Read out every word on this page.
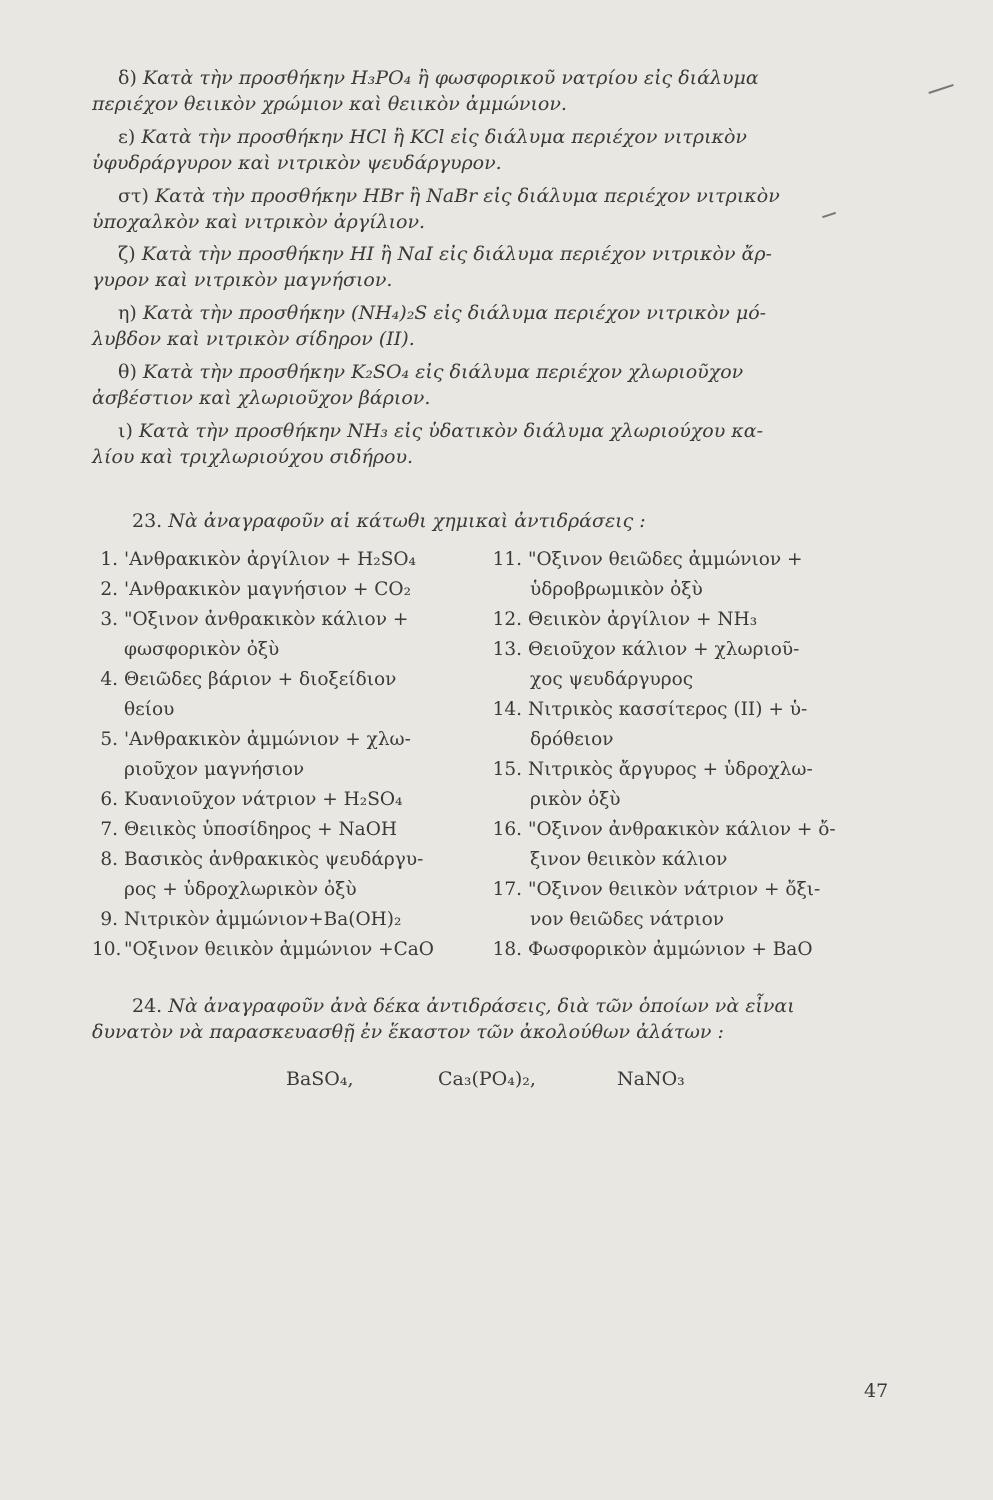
δ) Κατὰ τὴν προσθήκην H₃PO₄ ἢ φωσφορικοῦ νατρίου εἰς διάλυμα
περιέχον θειικὸν χρώμιον καὶ θειικὸν ἀμμώνιον.
ε) Κατὰ τὴν προσθήκην HCl ἢ KCl εἰς διάλυμα περιέχον νιτρικὸν
ὑφυδράργυρον καὶ νιτρικὸν ψευδάργυρον.
στ) Κατὰ τὴν προσθήκην HBr ἢ NaBr εἰς διάλυμα περιέχον νιτρικὸν
ὑποχαλκὸν καὶ νιτρικὸν ἀργίλιον.
ζ) Κατὰ τὴν προσθήκην HI ἢ NaI εἰς διάλυμα περιέχον νιτρικὸν ἄρ-
γυρον καὶ νιτρικὸν μαγνήσιον.
η) Κατὰ τὴν προσθήκην (NH₄)₂S εἰς διάλυμα περιέχον νιτρικὸν μό-
λυβδον καὶ νιτρικὸν σίδηρον (II).
θ) Κατὰ τὴν προσθήκην K₂SO₄ εἰς διάλυμα περιέχον χλωριοῦχον
ἀσβέστιον καὶ χλωριοῦχον βάριον.
ι) Κατὰ τὴν προσθήκην NH₃ εἰς ὑδατικὸν διάλυμα χλωριούχου κα-
λίου καὶ τριχλωριούχου σιδήρου.
23. Νὰ ἀναγραφοῦν αἱ κάτωθι χημικαὶ ἀντιδράσεις :
1. 'Ανθρακικὸν ἀργίλιον + H₂SO₄
2. 'Ανθρακικὸν μαγνήσιον + CO₂
3. "Οξινον ἀνθρακικὸν κάλιον +
φωσφορικὸν ὀξὺ
4. Θειῶδες βάριον + διοξείδιον
θείου
5. 'Ανθρακικὸν ἀμμώνιον + χλω-
ριοῦχον μαγνήσιον
6. Κυανιοῦχον νάτριον + H₂SO₄
7. Θειικὸς ὑποσίδηρος + NaOH
8. Βασικὸς ἀνθρακικὸς ψευδάργυ-
ρος + ὑδροχλωρικὸν ὀξὺ
9. Νιτρικὸν ἀμμώνιον+Ba(OH)₂
10. "Οξινον θειικὸν ἀμμώνιον +CaO
11. "Οξινον θειῶδες ἀμμώνιον +
ὑδροβρωμικὸν ὀξὺ
12. Θειικὸν ἀργίλιον + NH₃
13. Θειοῦχον κάλιον + χλωριοῦ-
χος ψευδάργυρος
14. Νιτρικὸς κασσίτερος (II) + ὑ-
δρόθειον
15. Νιτρικὸς ἄργυρος + ὑδροχλω-
ρικὸν ὀξὺ
16. "Οξινον ἀνθρακικὸν κάλιον + ὄ-
ξινον θειικὸν κάλιον
17. "Οξινον θειικὸν νάτριον + ὄξι-
νον θειῶδες νάτριον
18. Φωσφορικὸν ἀμμώνιον + BaO
24. Νὰ ἀναγραφοῦν ἀνὰ δέκα ἀντιδράσεις, διὰ τῶν ὁποίων νὰ εἶναι
δυνατὸν νὰ παρασκευασθῇ ἐν ἕκαστον τῶν ἀκολούθων ἀλάτων :
BaSO₄,	Ca₃(PO₄)₂,	NaNO₃
47
